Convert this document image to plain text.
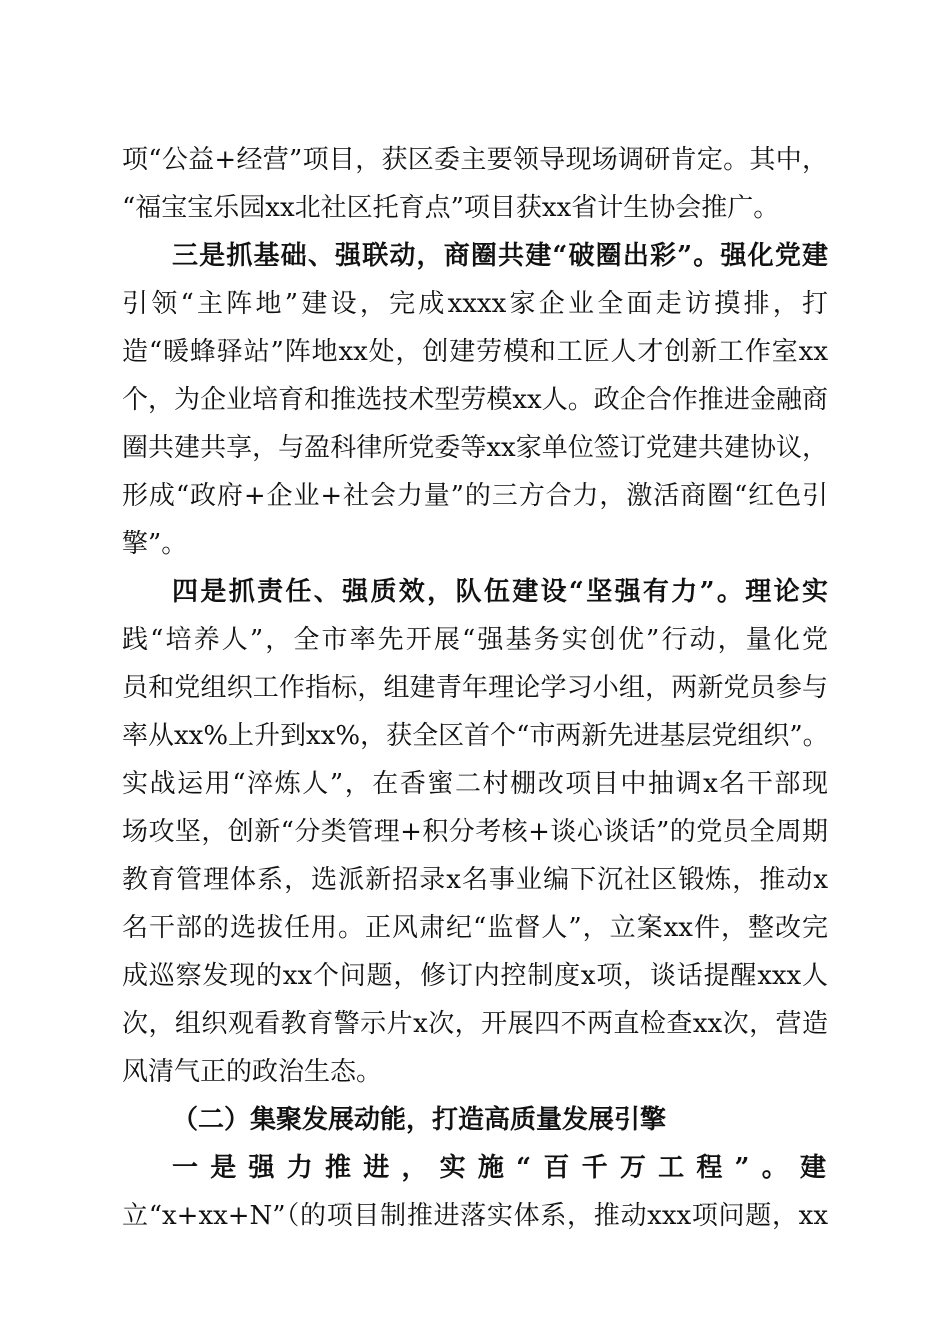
项“公益+经营”项目，获区委主要领导现场调研肯定。其中，
“福宝宝乐园xx北社区托育点”项目获xx省计生协会推广。
三是抓基础、强联动，商圈共建“破圈出彩”。强化党建
引领“主阵地”建设，完成xxxx家企业全面走访摸排，打
造“暖蜂驿站”阵地xx处，创建劳模和工匠人才创新工作室xx
个，为企业培育和推选技术型劳模xx人。政企合作推进金融商
圈共建共享，与盈科律所党委等xx家单位签订党建共建协议，
形成“政府+企业+社会力量”的三方合力，激活商圈“红色引
擎”。
四是抓责任、强质效，队伍建设“坚强有力”。理论实
践“培养人”，全市率先开展“强基务实创优”行动，量化党
员和党组织工作指标，组建青年理论学习小组，两新党员参与
率从xx%上升到xx%，获全区首个“市两新先进基层党组织”。
实战运用“淬炼人”，在香蜜二村棚改项目中抽调x名干部现
场攻坚，创新“分类管理+积分考核+谈心谈话”的党员全周期
教育管理体系，选派新招录x名事业编下沉社区锻炼，推动x
名干部的选拔任用。正风肃纪“监督人”，立案xx件，整改完
成巡察发现的xx个问题，修订内控制度x项，谈话提醒xxx人
次，组织观看教育警示片x次，开展四不两直检查xx次，营造
风清气正的政治生态。
（二）集聚发展动能，打造高质量发展引擎
一是强力推进，实施“百千万工程”。建
立“x+xx+N”（的项目制推进落实体系，推动xxx项问题，xx
